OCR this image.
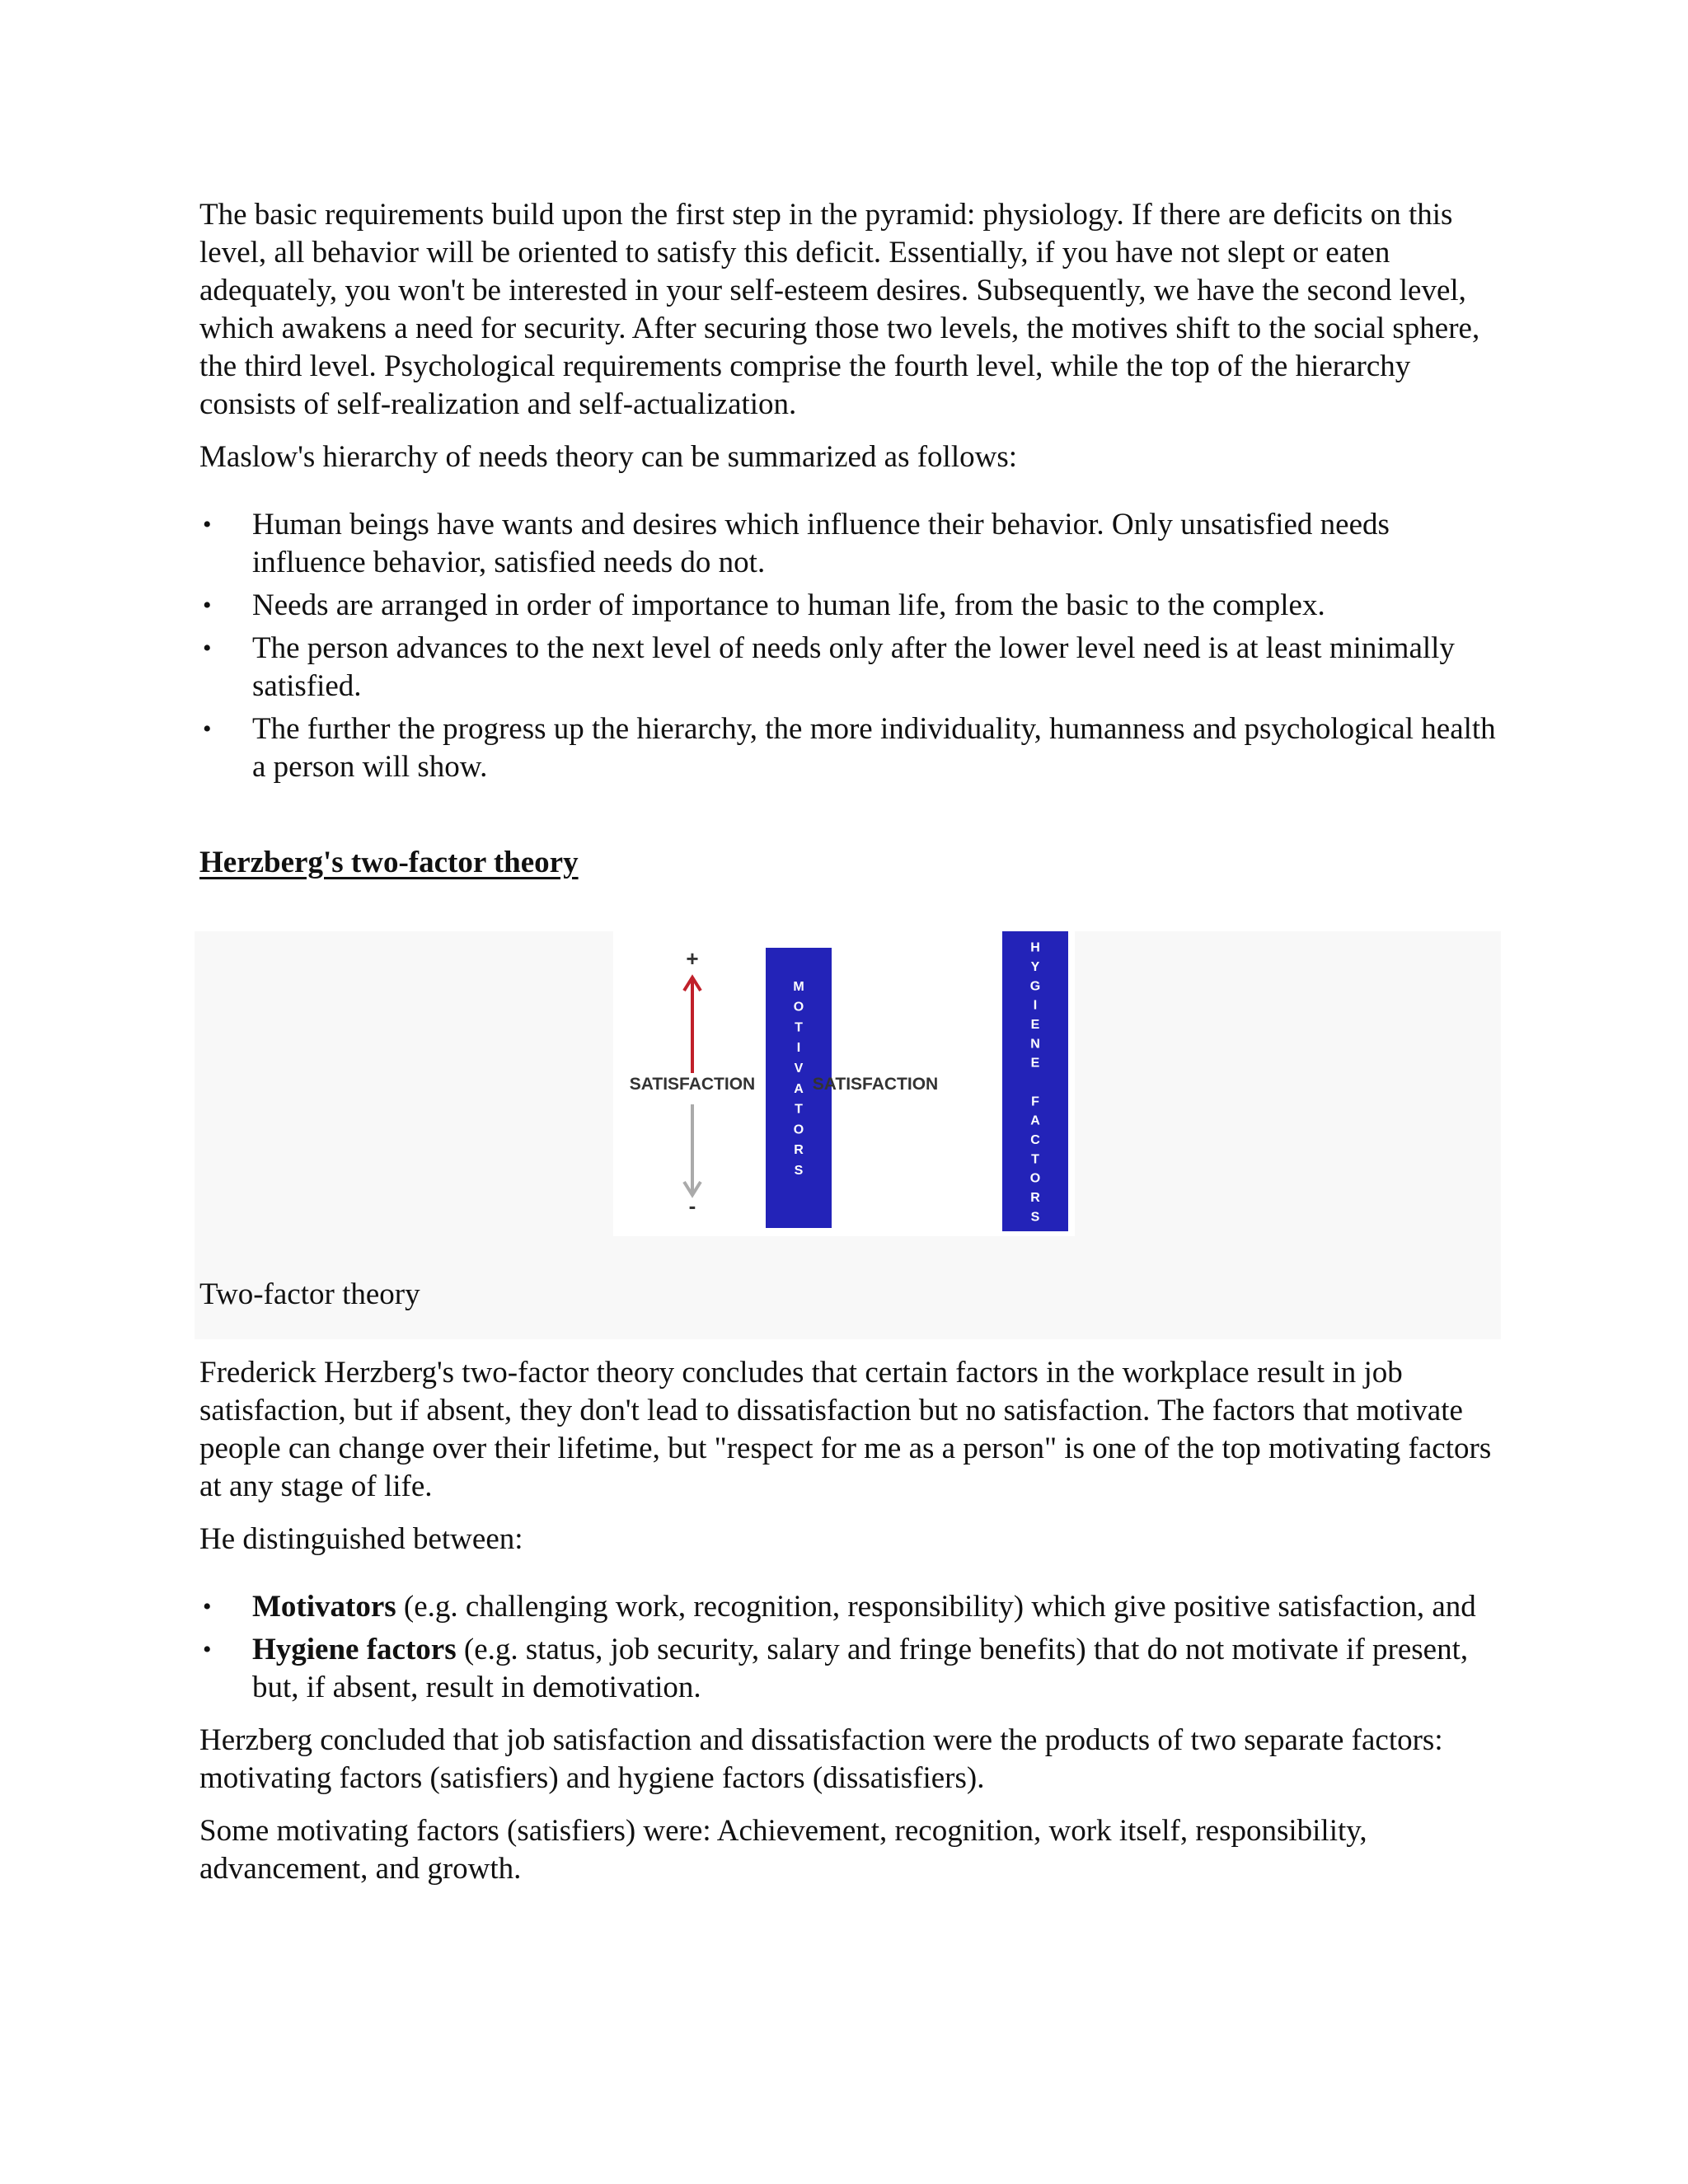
The basic requirements build upon the first step in the pyramid: physiology. If there are deficits on this level, all behavior will be oriented to satisfy this deficit. Essentially, if you have not slept or eaten adequately, you won't be interested in your self-esteem desires. Subsequently, we have the second level, which awakens a need for security. After securing those two levels, the motives shift to the social sphere, the third level. Psychological requirements comprise the fourth level, while the top of the hierarchy consists of self-realization and self-actualization.

Maslow's hierarchy of needs theory can be summarized as follows:

• Human beings have wants and desires which influence their behavior. Only unsatisfied needs influence behavior, satisfied needs do not.
• Needs are arranged in order of importance to human life, from the basic to the complex.
• The person advances to the next level of needs only after the lower level need is at least minimally satisfied.
• The further the progress up the hierarchy, the more individuality, humanness and psychological health a person will show.

Herzberg's two-factor theory

+
SATISFACTION
-
M
O
T
I
V
A
T
O
R
S
SATISFACTION
H
Y
G
I
E
N
E
F
A
C
T
O
R
S

Two-factor theory

Frederick Herzberg's two-factor theory concludes that certain factors in the workplace result in job satisfaction, but if absent, they don't lead to dissatisfaction but no satisfaction. The factors that motivate people can change over their lifetime, but "respect for me as a person" is one of the top motivating factors at any stage of life.

He distinguished between:

• Motivators (e.g. challenging work, recognition, responsibility) which give positive satisfaction, and
• Hygiene factors (e.g. status, job security, salary and fringe benefits) that do not motivate if present, but, if absent, result in demotivation.

Herzberg concluded that job satisfaction and dissatisfaction were the products of two separate factors: motivating factors (satisfiers) and hygiene factors (dissatisfiers).

Some motivating factors (satisfiers) were: Achievement, recognition, work itself, responsibility, advancement, and growth.
